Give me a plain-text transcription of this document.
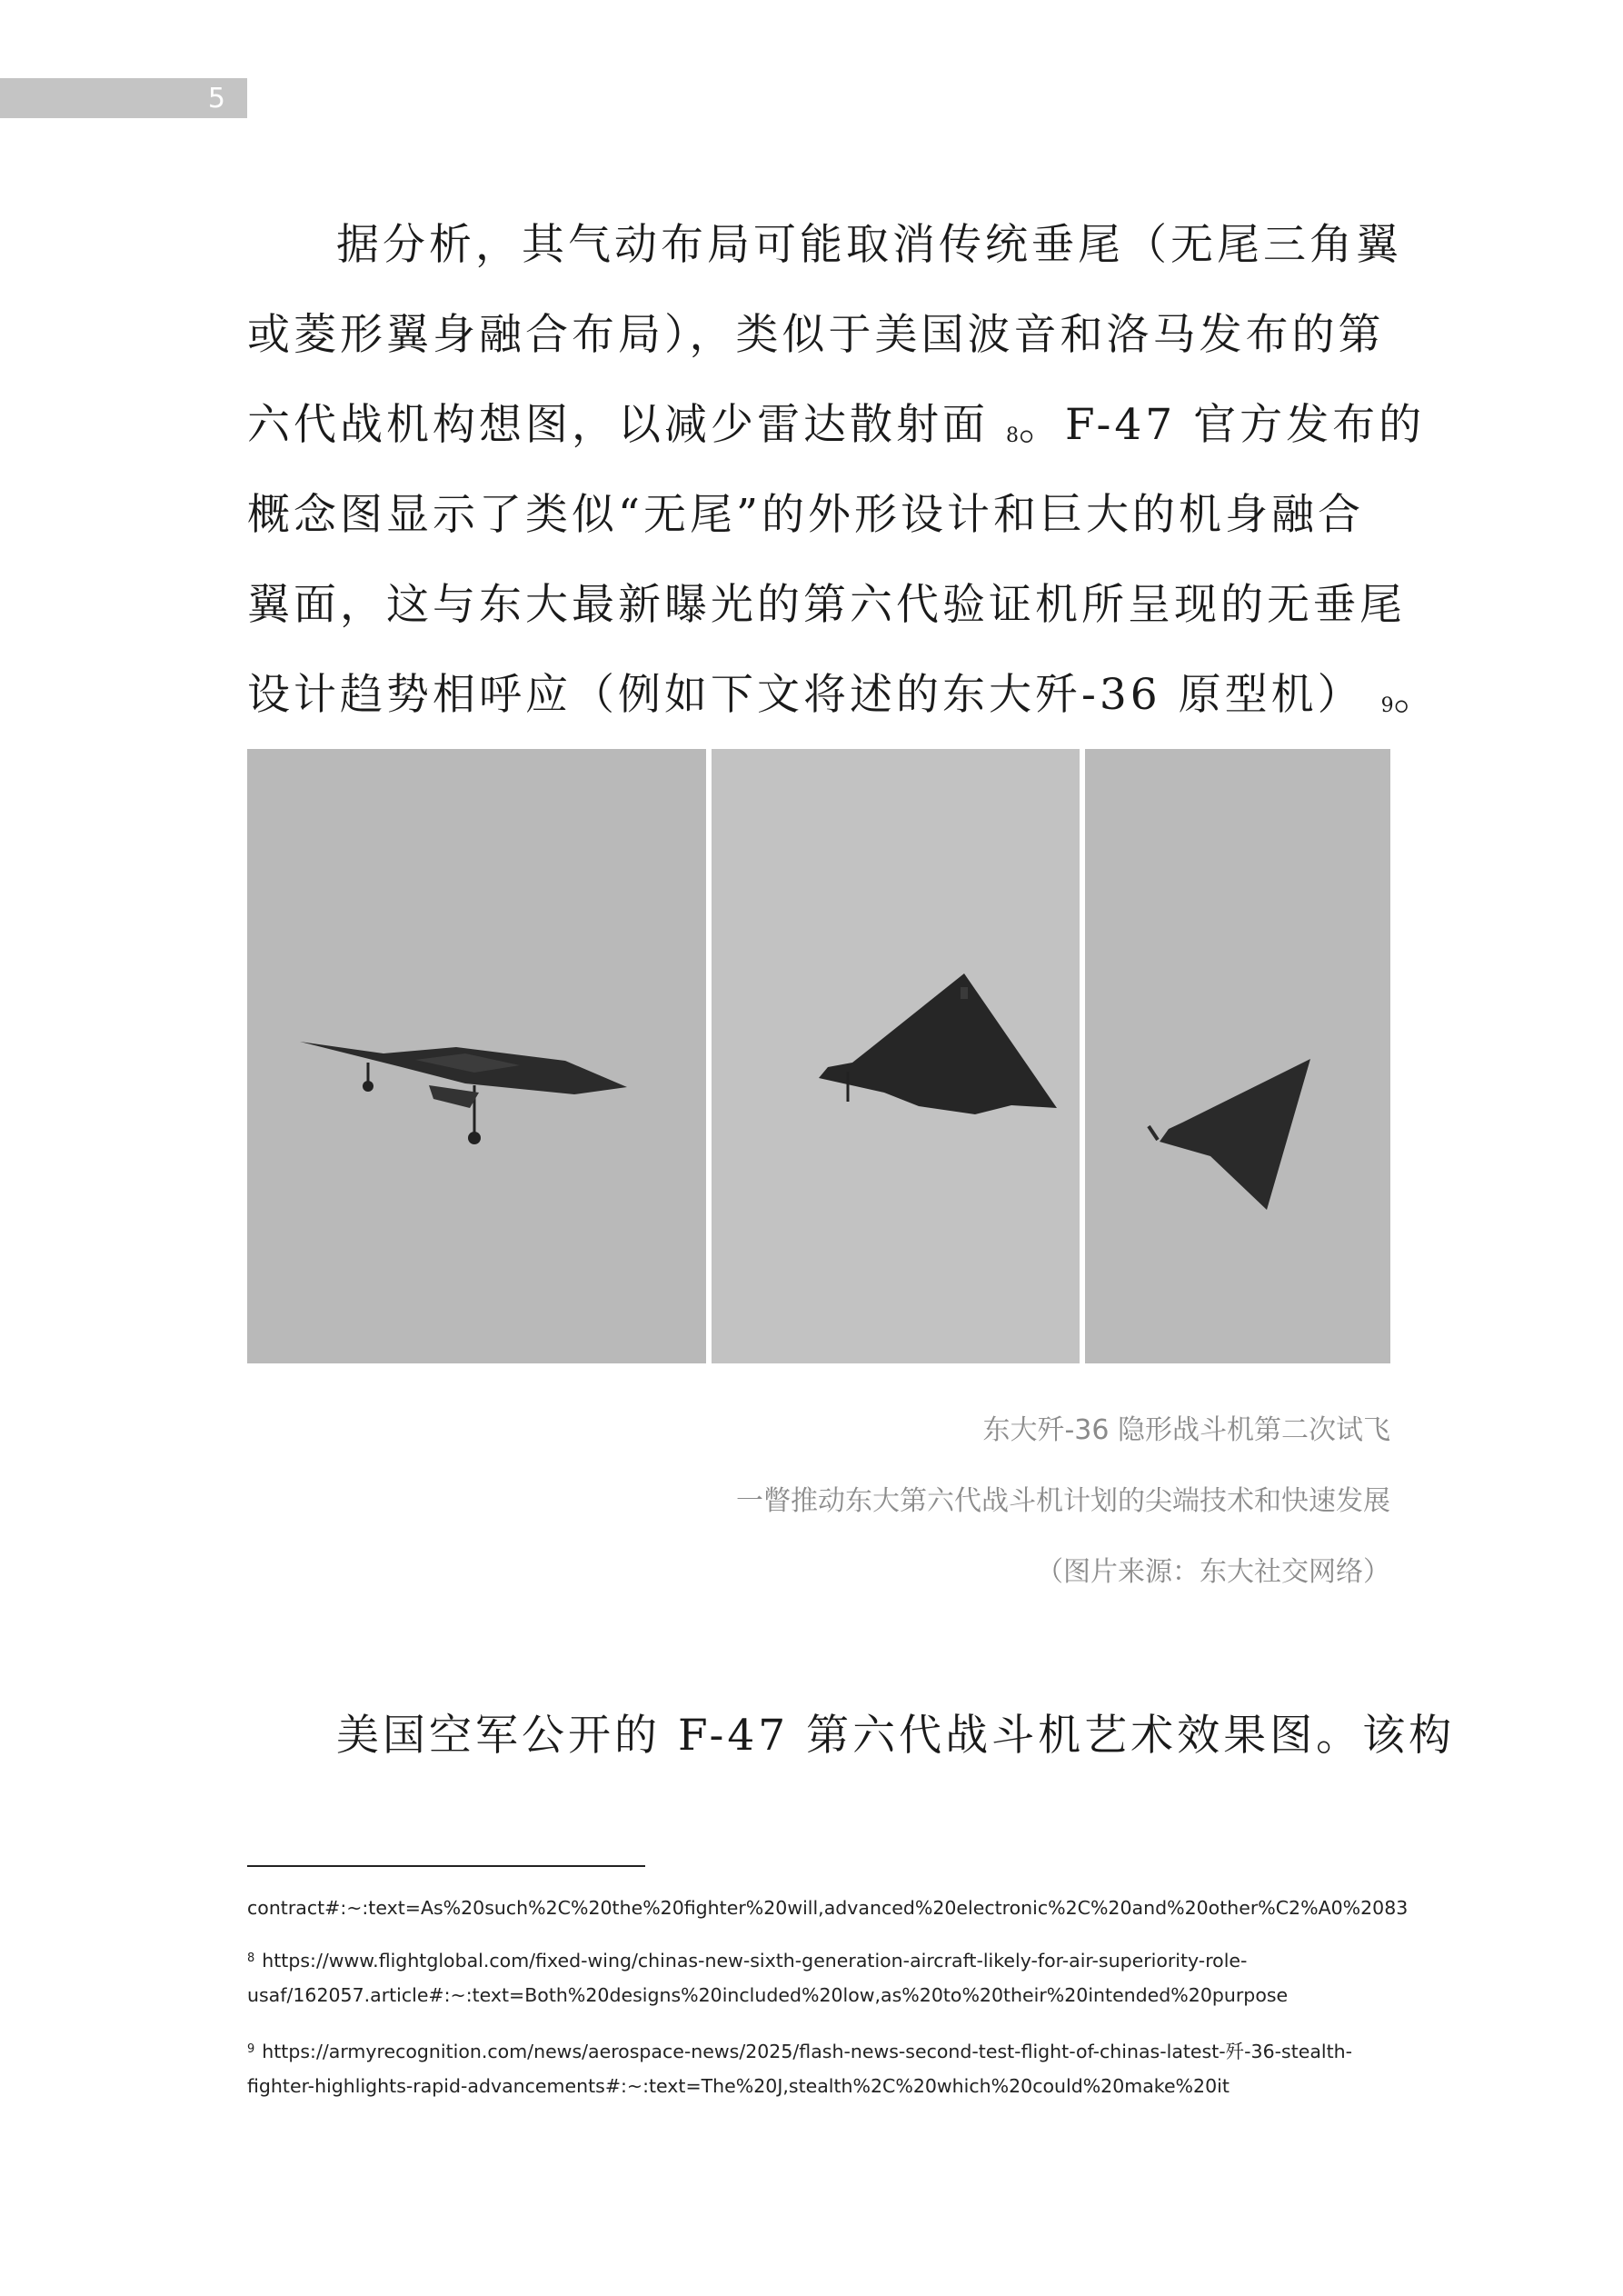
5
据分析，其气动布局可能取消传统垂尾（无尾三角翼
或菱形翼身融合布局），类似于美国波音和洛马发布的第
六代战机构想图，以减少雷达散射面 $^8$。F-47 官方发布的
概念图显示了类似“无尾”的外形设计和巨大的机身融合
翼面，这与东大最新曝光的第六代验证机所呈现的无垂尾
设计趋势相呼应（例如下文将述的东大歼-36 原型机） $^9$。
东大歼-36 隐形战斗机第二次试飞
一瞥推动东大第六代战斗机计划的尖端技术和快速发展
（图片来源：东大社交网络）
美国空军公开的 F-47 第六代战斗机艺术效果图。该构
contract#:~:text=As%20such%2C%20the%20fighter%20will,advanced%20electronic%2C%20and%20other%C2%A0%2083
$^8$ https://www.flightglobal.com/fixed-wing/chinas-new-sixth-generation-aircraft-likely-for-air-superiority-role-
usaf/162057.article#:~:text=Both%20designs%20included%20low,as%20to%20their%20intended%20purpose
$^9$ https://armyrecognition.com/news/aerospace-news/2025/flash-news-second-test-flight-of-chinas-latest-歼-36-stealth-
fighter-highlights-rapid-advancements#:~:text=The%20J,stealth%2C%20which%20could%20make%20it
